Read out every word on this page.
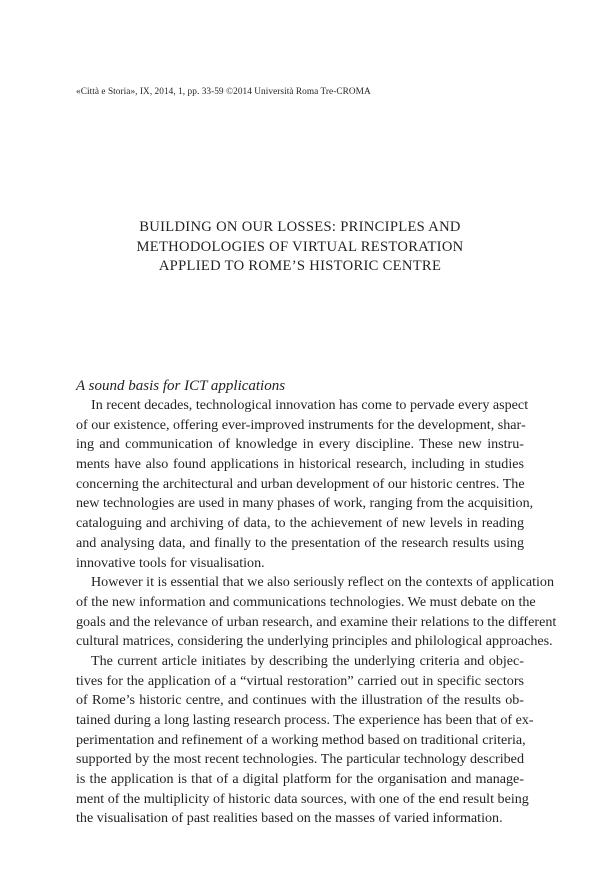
«Città e Storia», IX, 2014, 1, pp. 33-59 ©2014 Università Roma Tre-CROMA
BUILDING ON OUR LOSSES: PRINCIPLES AND
METHODOLOGIES OF VIRTUAL RESTORATION
APPLIED TO ROME’S HISTORIC CENTRE
A sound basis for ICT applications
In recent decades, technological innovation has come to pervade every aspect
of our existence, offering ever-improved instruments for the development, shar-
ing and communication of knowledge in every discipline. These new instru-
ments have also found applications in historical research, including in studies
concerning the architectural and urban development of our historic centres. The
new technologies are used in many phases of work, ranging from the acquisition,
cataloguing and archiving of data, to the achievement of new levels in reading
and analysing data, and finally to the presentation of the research results using
innovative tools for visualisation.
However it is essential that we also seriously reflect on the contexts of application
of the new information and communications technologies. We must debate on the
goals and the relevance of urban research, and examine their relations to the different
cultural matrices, considering the underlying principles and philological approaches.
The current article initiates by describing the underlying criteria and objec-
tives for the application of a “virtual restoration” carried out in specific sectors
of Rome’s historic centre, and continues with the illustration of the results ob-
tained during a long lasting research process. The experience has been that of ex-
perimentation and refinement of a working method based on traditional criteria,
supported by the most recent technologies. The particular technology described
is the application is that of a digital platform for the organisation and manage-
ment of the multiplicity of historic data sources, with one of the end result being
the visualisation of past realities based on the masses of varied information.
